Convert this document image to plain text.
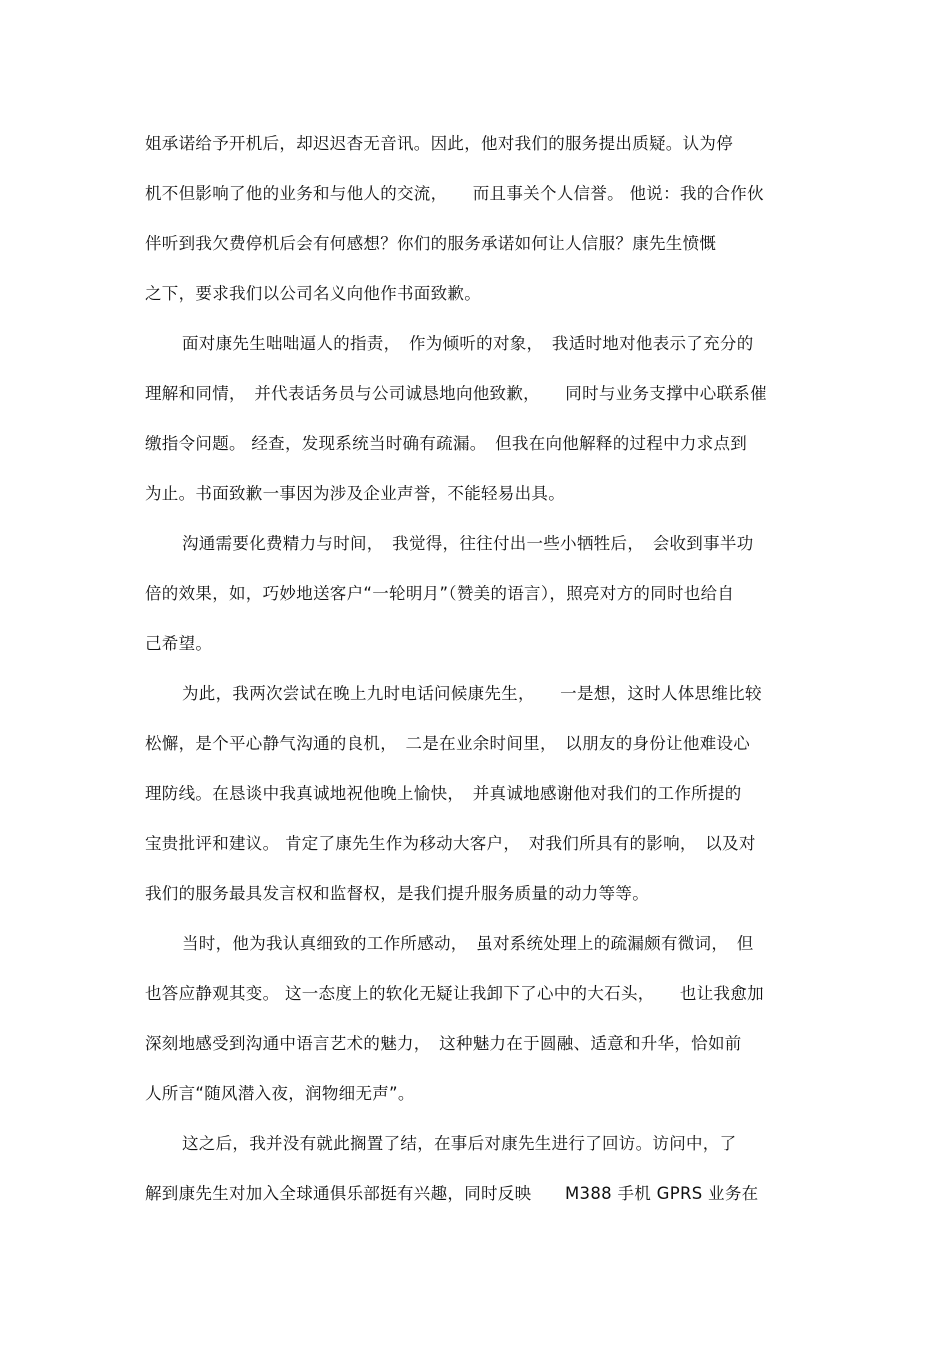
姐承诺给予开机后，却迟迟杳无音讯。因此，他对我们的服务提出质疑。认为停
机不但影响了他的业务和与他人的交流，　　而且事关个人信誉。 他说：我的合作伙
伴听到我欠费停机后会有何感想？你们的服务承诺如何让人信服？康先生愤慨
之下，要求我们以公司名义向他作书面致歉。
面对康先生咄咄逼人的指责，　作为倾听的对象，　我适时地对他表示了充分的
理解和同情，　并代表话务员与公司诚恳地向他致歉，　　同时与业务支撑中心联系催
缴指令问题。 经查，发现系统当时确有疏漏。　但我在向他解释的过程中力求点到
为止。书面致歉一事因为涉及企业声誉，不能轻易出具。
沟通需要化费精力与时间，　我觉得，往往付出一些小牺牲后，　会收到事半功
倍的效果，如，巧妙地送客户“一轮明月”（赞美的语言），照亮对方的同时也给自
己希望。
为此，我两次尝试在晚上九时电话问候康先生，　　一是想，这时人体思维比较
松懈，是个平心静气沟通的良机，　二是在业余时间里，　以朋友的身份让他难设心
理防线。在恳谈中我真诚地祝他晚上愉快，　并真诚地感谢他对我们的工作所提的
宝贵批评和建议。 肯定了康先生作为移动大客户，　对我们所具有的影响，　以及对
我们的服务最具发言权和监督权，是我们提升服务质量的动力等等。
当时，他为我认真细致的工作所感动，　虽对系统处理上的疏漏颇有微词，　但
也答应静观其变。 这一态度上的软化无疑让我卸下了心中的大石头，　　也让我愈加
深刻地感受到沟通中语言艺术的魅力，　这种魅力在于圆融、适意和升华，恰如前
人所言“随风潜入夜，润物细无声”。
这之后，我并没有就此搁置了结，在事后对康先生进行了回访。访问中，了
解到康先生对加入全球通俱乐部挺有兴趣，同时反映　　M388 手机 GPRS 业务在
